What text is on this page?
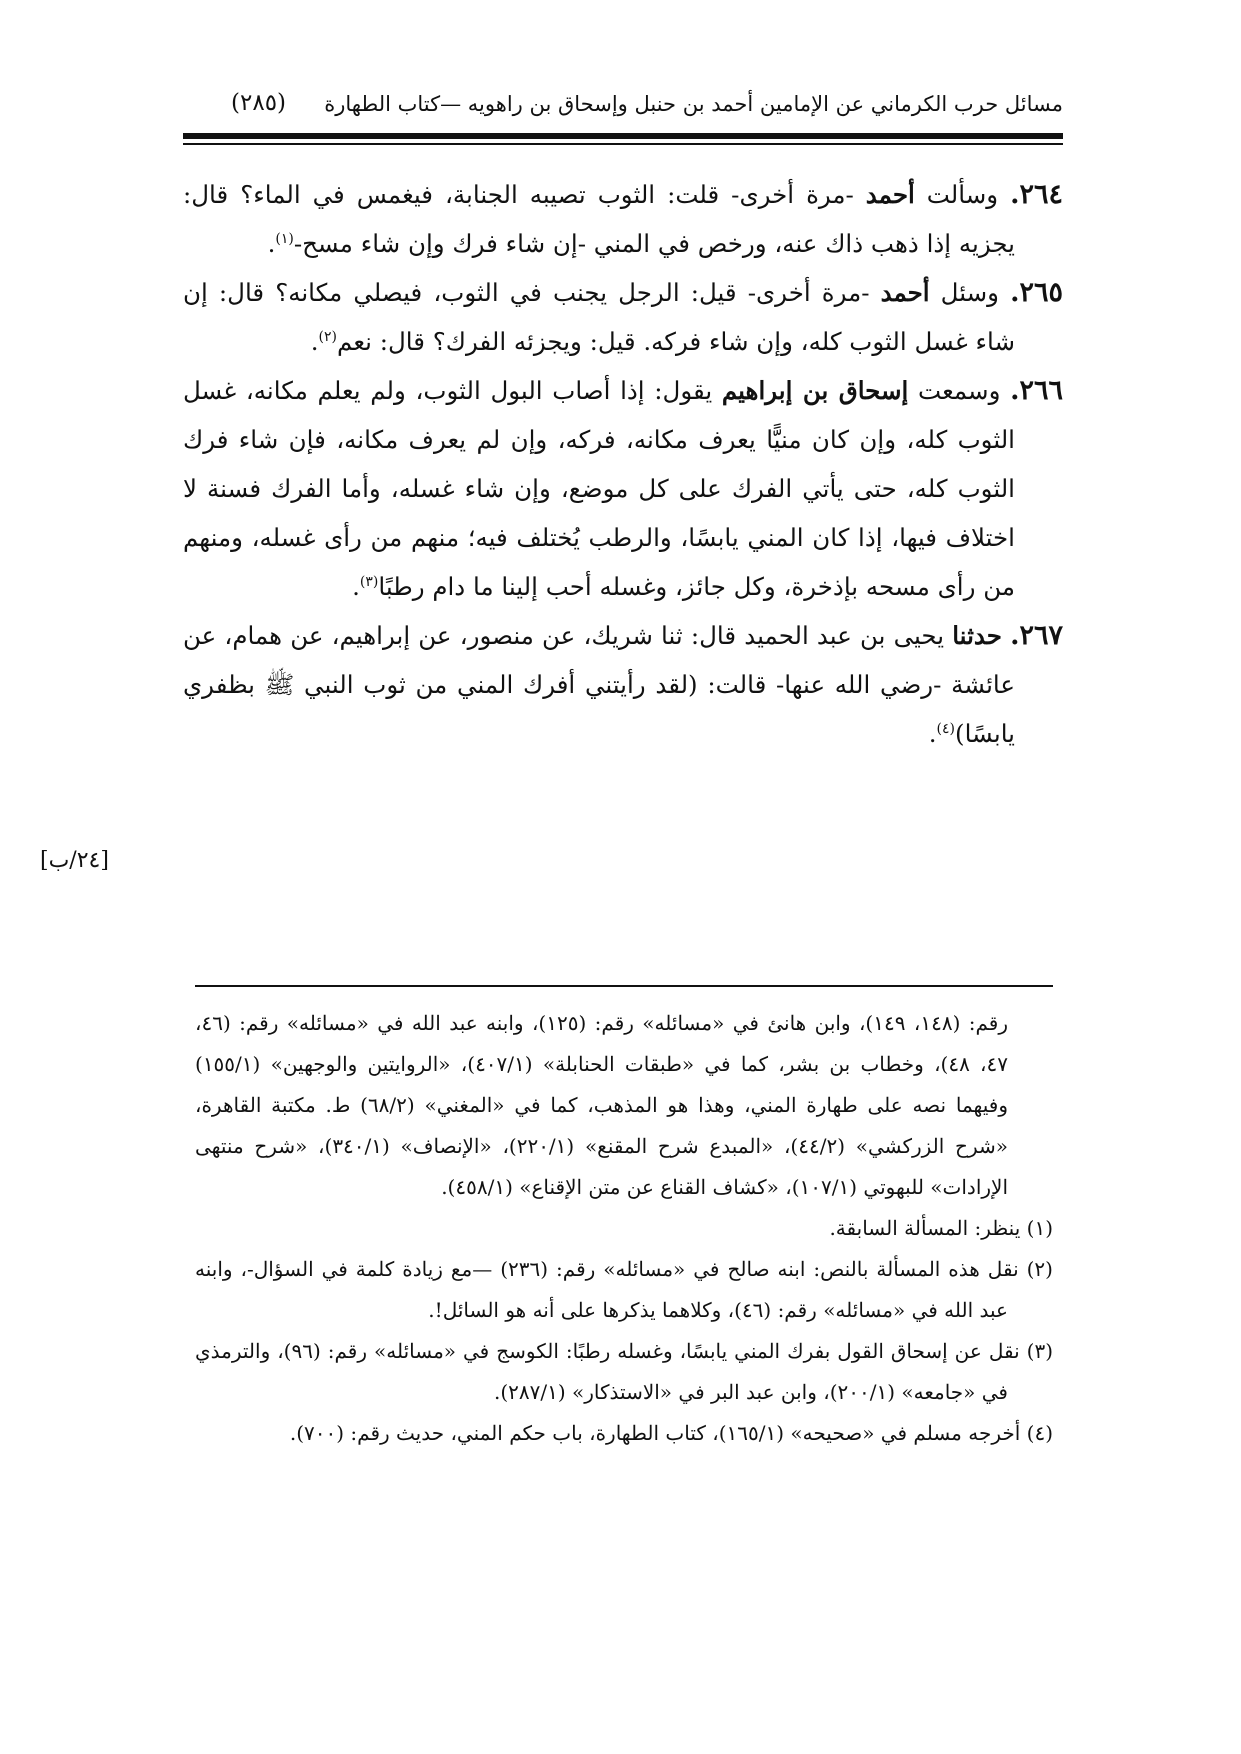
مسائل حرب الكرماني عن الإمامين أحمد بن حنبل وإسحاق بن راهويه —كتاب الطهارة
(٢٨٥)

٢٦٤. وسألت أحمد -مرة أخرى- قلت: الثوب تصيبه الجنابة، فيغمس في الماء؟ قال: يجزيه إذا ذهب ذاك عنه، ورخص في المني -إن شاء فرك وإن شاء مسح-$^{(١)}$.

٢٦٥. وسئل أحمد -مرة أخرى- قيل: الرجل يجنب في الثوب، فيصلي مكانه؟ قال: إن شاء غسل الثوب كله، وإن شاء فركه. قيل: ويجزئه الفرك؟ قال: نعم$^{(٢)}$.

٢٦٦. وسمعت إسحاق بن إبراهيم يقول: إذا أصاب البول الثوب، ولم يعلم مكانه، غسل الثوب كله، وإن كان منيًّا يعرف مكانه، فركه، وإن لم يعرف مكانه، فإن شاء فرك الثوب كله، حتى يأتي الفرك على كل موضع، وإن شاء غسله، وأما الفرك فسنة لا اختلاف فيها، إذا كان المني يابسًا، والرطب يُختلف فيه؛ منهم من رأى غسله، ومنهم من رأى مسحه بإذخرة، وكل جائز، وغسله أحب إلينا ما دام رطبًا$^{(٣)}$.

٢٦٧. حدثنا يحيى بن عبد الحميد قال: ثنا شريك، عن منصور، عن إبراهيم، عن همام، عن عائشة -رضي الله عنها- قالت: (لقد رأيتني أفرك المني من ثوب النبي ﷺ بظفري يابسًا)$^{(٤)}$.

[٢٤/ب]

رقم: (١٤٨، ١٤٩)، وابن هانئ في «مسائله» رقم: (١٢٥)، وابنه عبد الله في «مسائله» رقم: (٤٦، ٤٧، ٤٨)، وخطاب بن بشر، كما في «طبقات الحنابلة» (٤٠٧/١)، «الروايتين والوجهين» (١٥٥/١) وفيهما نصه على طهارة المني، وهذا هو المذهب، كما في «المغني» (٦٨/٢) ط. مكتبة القاهرة، «شرح الزركشي» (٤٤/٢)، «المبدع شرح المقنع» (٢٢٠/١)، «الإنصاف» (٣٤٠/١)، «شرح منتهى الإرادات» للبهوتي (١٠٧/١)، «كشاف القناع عن متن الإقناع» (٤٥٨/١).

(١) ينظر: المسألة السابقة.

(٢) نقل هذه المسألة بالنص: ابنه صالح في «مسائله» رقم: (٢٣٦) —مع زيادة كلمة في السؤال-، وابنه عبد الله في «مسائله» رقم: (٤٦)، وكلاهما يذكرها على أنه هو السائل!.

(٣) نقل عن إسحاق القول بفرك المني يابسًا، وغسله رطبًا: الكوسج في «مسائله» رقم: (٩٦)، والترمذي في «جامعه» (٢٠٠/١)، وابن عبد البر في «الاستذكار» (٢٨٧/١).

(٤) أخرجه مسلم في «صحيحه» (١٦٥/١)، كتاب الطهارة، باب حكم المني، حديث رقم: (٧٠٠).
